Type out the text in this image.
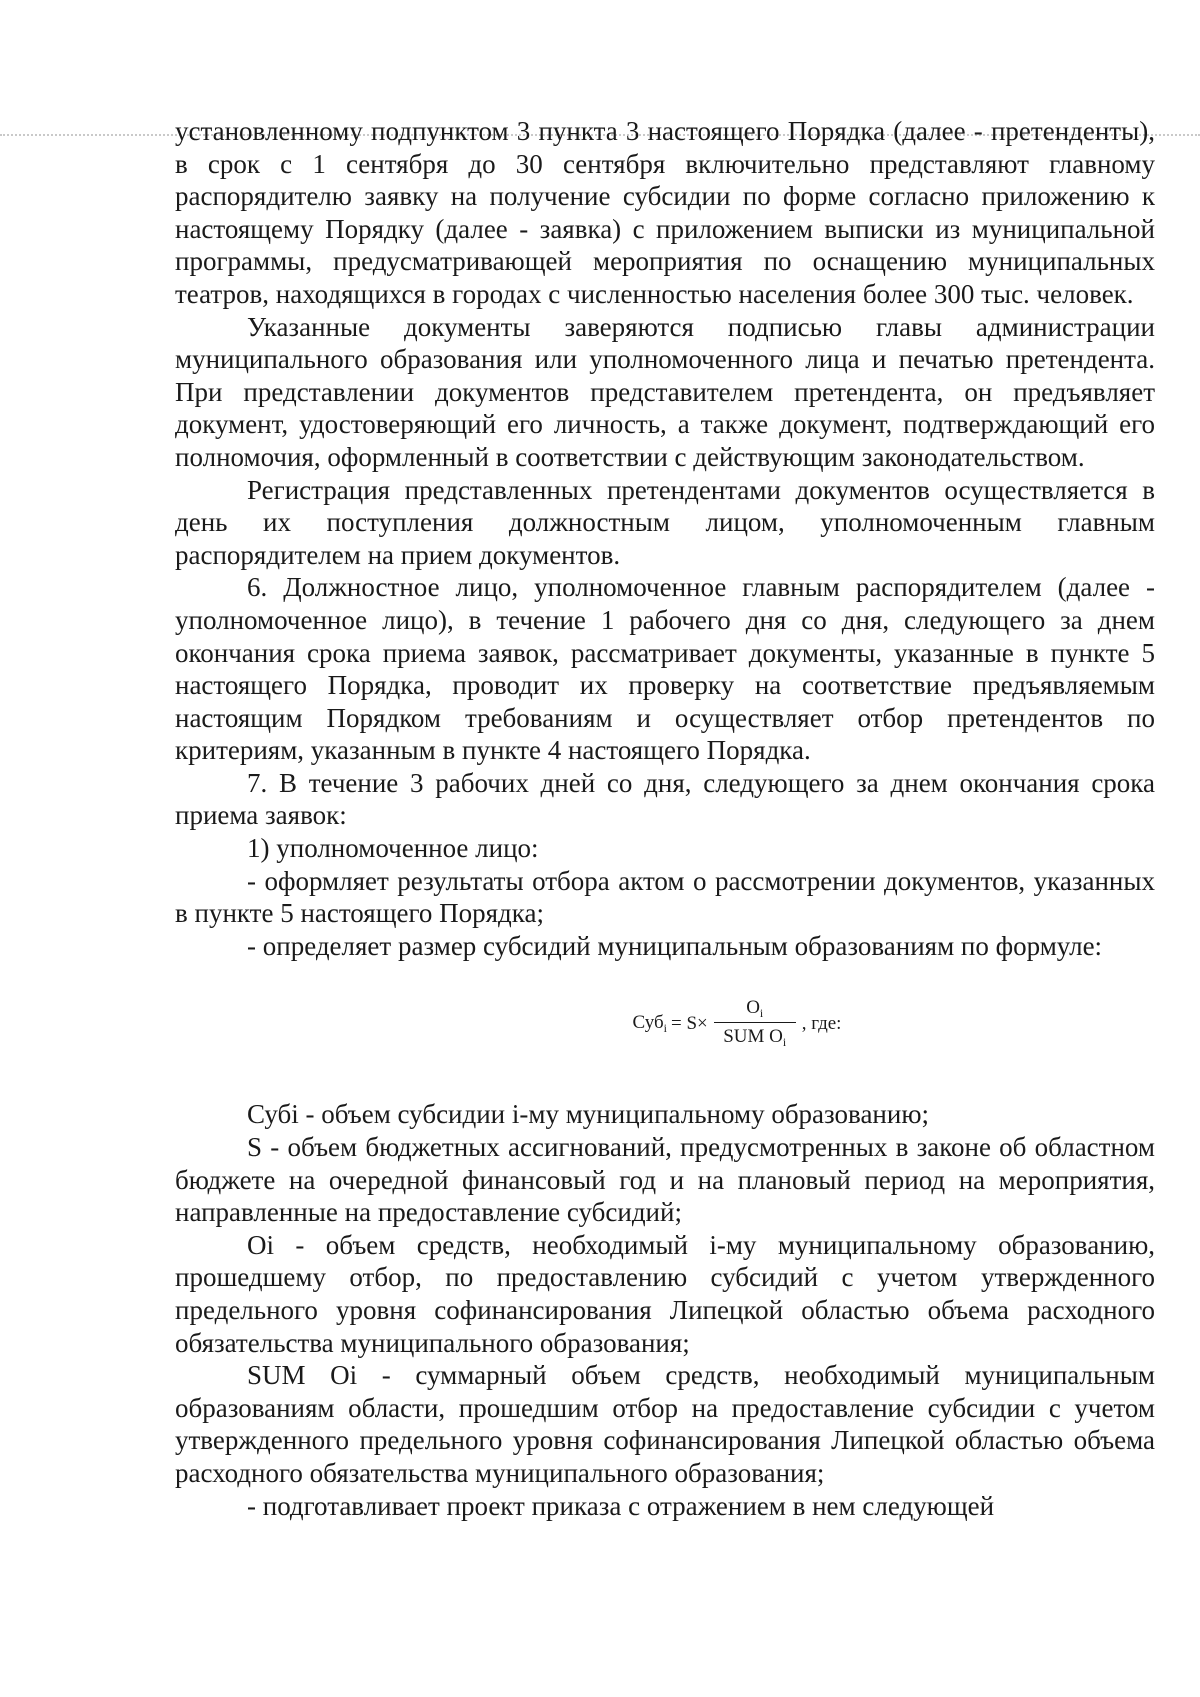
установленному подпунктом 3 пункта 3 настоящего Порядка (далее - претенденты), в срок с 1 сентября до 30 сентября включительно представляют главному распорядителю заявку на получение субсидии по форме согласно приложению к настоящему Порядку (далее - заявка) с приложением выписки из муниципальной программы, предусматривающей мероприятия по оснащению муниципальных театров, находящихся в городах с численностью населения более 300 тыс. человек.

Указанные документы заверяются подписью главы администрации муниципального образования или уполномоченного лица и печатью претендента. При представлении документов представителем претендента, он предъявляет документ, удостоверяющий его личность, а также документ, подтверждающий его полномочия, оформленный в соответствии с действующим законодательством.

Регистрация представленных претендентами документов осуществляется в день их поступления должностным лицом, уполномоченным главным распорядителем на прием документов.

6. Должностное лицо, уполномоченное главным распорядителем (далее - уполномоченное лицо), в течение 1 рабочего дня со дня, следующего за днем окончания срока приема заявок, рассматривает документы, указанные в пункте 5 настоящего Порядка, проводит их проверку на соответствие предъявляемым настоящим Порядком требованиям и осуществляет отбор претендентов по критериям, указанным в пункте 4 настоящего Порядка.

7. В течение 3 рабочих дней со дня, следующего за днем окончания срока приема заявок:

1) уполномоченное лицо:

- оформляет результаты отбора актом о рассмотрении документов, указанных в пункте 5 настоящего Порядка;

- определяет размер субсидий муниципальным образованиям по формуле:

$Суб_i = S\times \frac{O_i}{SUM O_i}$ , где:

Субi - объем субсидии i-му муниципальному образованию;

S - объем бюджетных ассигнований, предусмотренных в законе об областном бюджете на очередной финансовый год и на плановый период на мероприятия, направленные на предоставление субсидий;

Oi - объем средств, необходимый i-му муниципальному образованию, прошедшему отбор, по предоставлению субсидий с учетом утвержденного предельного уровня софинансирования Липецкой областью объема расходного обязательства муниципального образования;

SUM Oi - суммарный объем средств, необходимый муниципальным образованиям области, прошедшим отбор на предоставление субсидии с учетом утвержденного предельного уровня софинансирования Липецкой областью объема расходного обязательства муниципального образования;

- подготавливает проект приказа с отражением в нем следующей
